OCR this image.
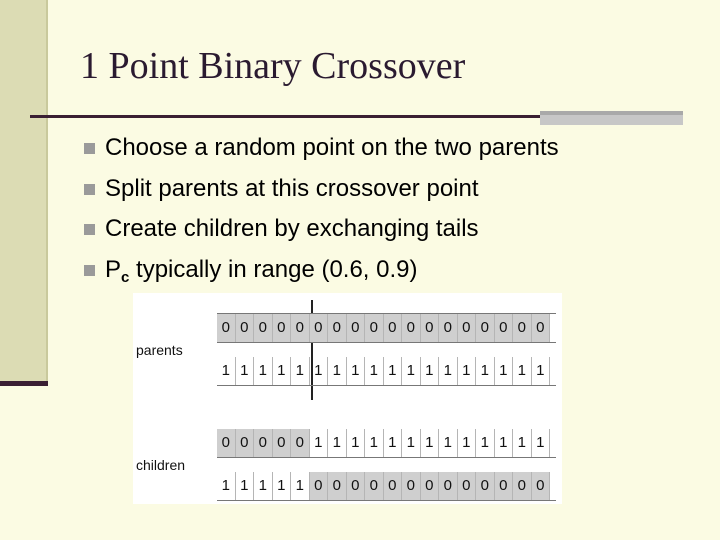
1 Point Binary Crossover
Choose a random point on the two parents
Split parents at this crossover point
Create children by exchanging tails
P c typically in range (0.6, 0.9)
parents
0 0 0 0 0 0 0 0 0 0 0 0 0 0 0 0 0 0
1 1 1 1 1 1 1 1 1 1 1 1 1 1 1 1 1 1
children
0 0 0 0 0 1 1 1 1 1 1 1 1 1 1 1 1 1
1 1 1 1 1 0 0 0 0 0 0 0 0 0 0 0 0 0
